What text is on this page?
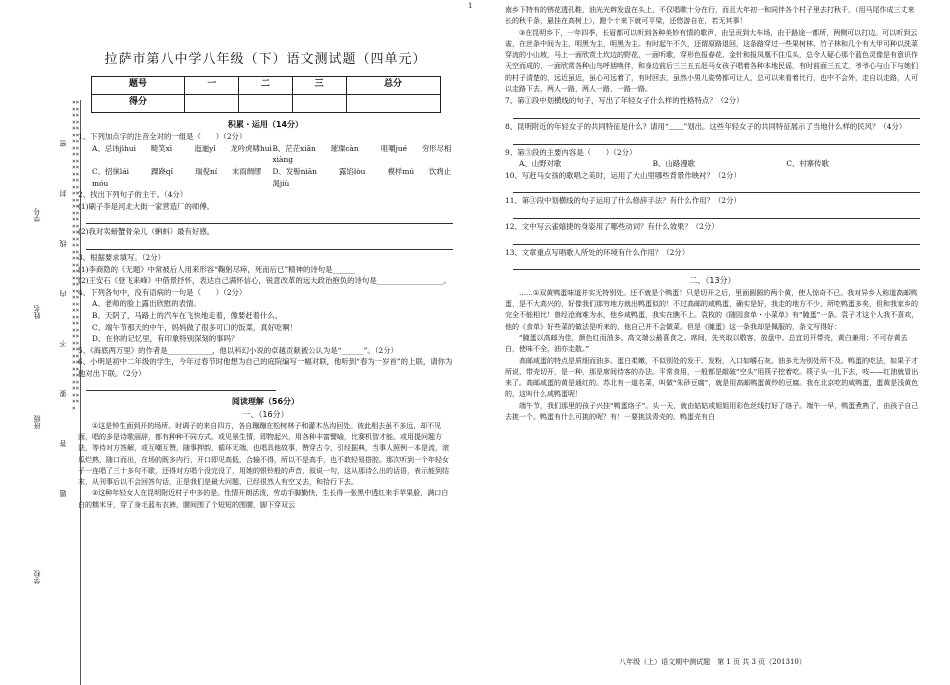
1
×××××××××××××××××××××××××××××××××××××××××××××××××××××××××××××××××××××××××××××××××××××××××××××××
学号
姓名
班级
学校
密
封
线
内
不
要
答
题
拉萨市第八中学八年级（下）语文测试题（四单元）
题号	一	二	三	总分
得分				
积累・运用（14分）

1、下列加点字的注音全对的一组是（　　）（2分）

A、忌讳jìhuì　　畸笑xī　　　迤逦yǐ　　龙吟虎啸huì B、茫茫xiān　　璀璨càn　　　咀嚼jué　　穷形尽相xiàng
C、招徕lái　　　踝跷qǐ　　　瑞倪ní　　末雨绸缪móu
D、发髻niān　　　露馅lòu　　　模样mú　　饮鸩止渴jiù

2、找出下列句子的主干。（4分）

(1)刷子李是河北大街一家营造厂的师傅。

(2)我对卖螃蟹骨朵儿（蝌蚪）最有好感。

3、根据要求填写。（2分）

(1)李商隐的《无题》中常被后人用来形容“鞠躬尽瘁，死而后已”精神的诗句是______

(2)王安石《登飞来峰》中借景抒怀，表达自己满怀信心，锐意改革的远大政治抱负的诗句是__________________。

4、下列各句中，没有语病的一句是（　　）（2分）

A、老师的脸上露出欣慰的表情。

B、天阴了，马路上的汽车在飞快地走着，像要赶着什么。

C、端午节那天的中午，妈妈做了很多可口的饭菜，真好吃啊！

D、在你的记忆里，有印象特别深刻的事吗？

5、《海底两万里》的作者是____________，他以科幻小说的卓越贡献被公认为是“______”。（2分）

6、小明是初中二年级的学生，今年过春节时他想为自己的庭院编写一幅对联，他听到“春为一岁首”的上联，请你为他对出下联。（2分）

阅读理解（56分）
一、（16分）

①这是钟生面到开的场所。时调子的来自四方，各自蹦蹦在松树林子和灌木丛沟回处。彼此相去虽不多远，却不见面，唱的多是诗歌丽辞，都有种种不同方式。或见景生情，即物起兴，用各种丰富譬喻，比赛机智才能。或用提问题方法，等待对方答解，或互嘲互赞，随事押韵，循环无端，也唱具他故事，赞穿古今，引经据典，当事人照例一本是流，滚瓜烂熟，随口而出，在场的既多内行，开口即见高低，合输不得，所以不是高手，也不敢轻易搭腔。那次听到一个年轻女子一连唱了三十多句不歇，还得对方唱个没完没了，用她的银铃般的声音，叙说一句，这从那诗么出的话语，表示能到结末，从刊事后以不会回答句话，正是我们是最大问题，已经很然人有空又去，和拾行下去。

②这种年轻女人在昆明附近村子中多的是。性情开朗活泼，劳动手脚勤快，生长得一张黑中透红来手苹果脸，满口白白的糯米牙，穿了身毛蓝布衣裤，腰间围了个短短的围腰，脚下穿双云

南乡下特有的锈花透孔鞋，油光光辫发盘在头上，不仅唱歌十分在行，而且大年初一和同伴各个村子里去打秋千，（用马尾作成三丈来长的秋千条，悬挂在高树上），蹬个十来下就可平梁，还悠游自在，若无其事！

③在昆明乡下，一年四季，长眉都可以听到各种美妙有情的歌声，由呈贡到大车场，由于路途一都所，两侧可以打边。可以听到云雀，在丝条中间为主，明黑为主，明黑为主。有时起午不久，还谓原路退回，这条路穿过一些果树林、竹子林和几个有大甲可种以洗菜穿流的小山坡，马上一面欣赏土坎边的野花，一面听歌，穿形色报春花、金针和报凤凰不住瓜头，总令人疑心那个蓝色灵像是有意识作天空而成的，一面欣赏各种山鸟呼朋唤伴，和身边前后三三五五赶马女孩子唱着各种本地民谣，有时前面三五丈，爷爷心与山下与她们的村子清楚的，远近虽近，虽心可远着了，有时回去，虽然小男儿姿势都可让人，总可以来看着比行，也中不会外，走自以走路，人可以走路下去，两人一路，两人一路，一路一路。

7、第①段中划横线的句子，写出了年轻女子什么样的性格特点？（2分）

8、昆明附近的年轻女子的共同特征是什么？请用“﹏﹏”划出。这些年轻女子的共同特征展示了当地什么样的民风？（4分）

9、第③段的主要内容是（　　）（2分）

A、山野对歌	B、山路漫歌	C、村寨传歌

10、写赶马女孩的歌唱之美时，运用了大山里哪些背景作映衬？（2分）

11、第③段中划横线的句子运用了什么修辞手法？有什么作用？（2分）

12、文中写云雀嬉捷的身姿用了哪些动词？有什么效果？（2分）

13、文章重点写唱歌人所处的环境有什么作用？（2分）

二、（13分）

……①双黄鸭蛋味道并实无特别处。还不就是个鸭蛋！只是切开之后，里面圆圆的两个黄，使人惊奇不已。我对异乡人称道高邮鸭蛋，是不大高兴的，好像我们那穷地方就出鸭蛋似的！不过高邮的咸鸭蛋，确实是好，我走的地方不少，所吃鸭蛋多矣，但和我家乡的完全不能相比！曾经沧海难为水，他乡咸鸭蛋，我实在瞧不上。袁枚的《随园食单・小菜单》有“腌蛋”一条。袁子才这个人我不喜欢，他的《食单》好些菜的做法是听来的，他自己并不会做菜。但是《腌蛋》这一条我却是佩服的，条文写得好：

“腌蛋以高邮为佳，颜色红而油多。高文端公最喜食之。席间，先夹取以敬客，放盘中。总宜切开带壳，黄白兼用；不可存黄去白，使味不全，油亦走散。”

高邮咸蛋的特点是质细而油多。蛋白柔嫩，不似别处的发干、发粉，入口如嚼石灰。油多尤为别处所不及。鸭蛋的吃法，如果子才所说，带壳切开，是一种，那是席间待客的办法。平常食用，一般都是敲破“空头”用筷子挖着吃。筷子头一扎下去，吱——红油就冒出来了。高邮咸蛋的黄是通红的。苏北有一道名菜，叫做“朱砂豆腐”，就是用高邮鸭蛋黄炒的豆腐。我在北京吃的咸鸭蛋，蛋黄是浅黄色的，这叫什么咸鸭蛋呢！

端午节，我们那里的孩子兴挂“鸭蛋络子”。头一天，就由姑姑或姐姐用彩色丝线打好了络子。端午一早，鸭蛋煮熟了，由孩子自己去挑一个。鸭蛋有什么可挑的呢？有！一要挑淡青壳的。鸭蛋壳有白

八年级（上）语文期中测试题　第 1 页 共 3 页（201310）
